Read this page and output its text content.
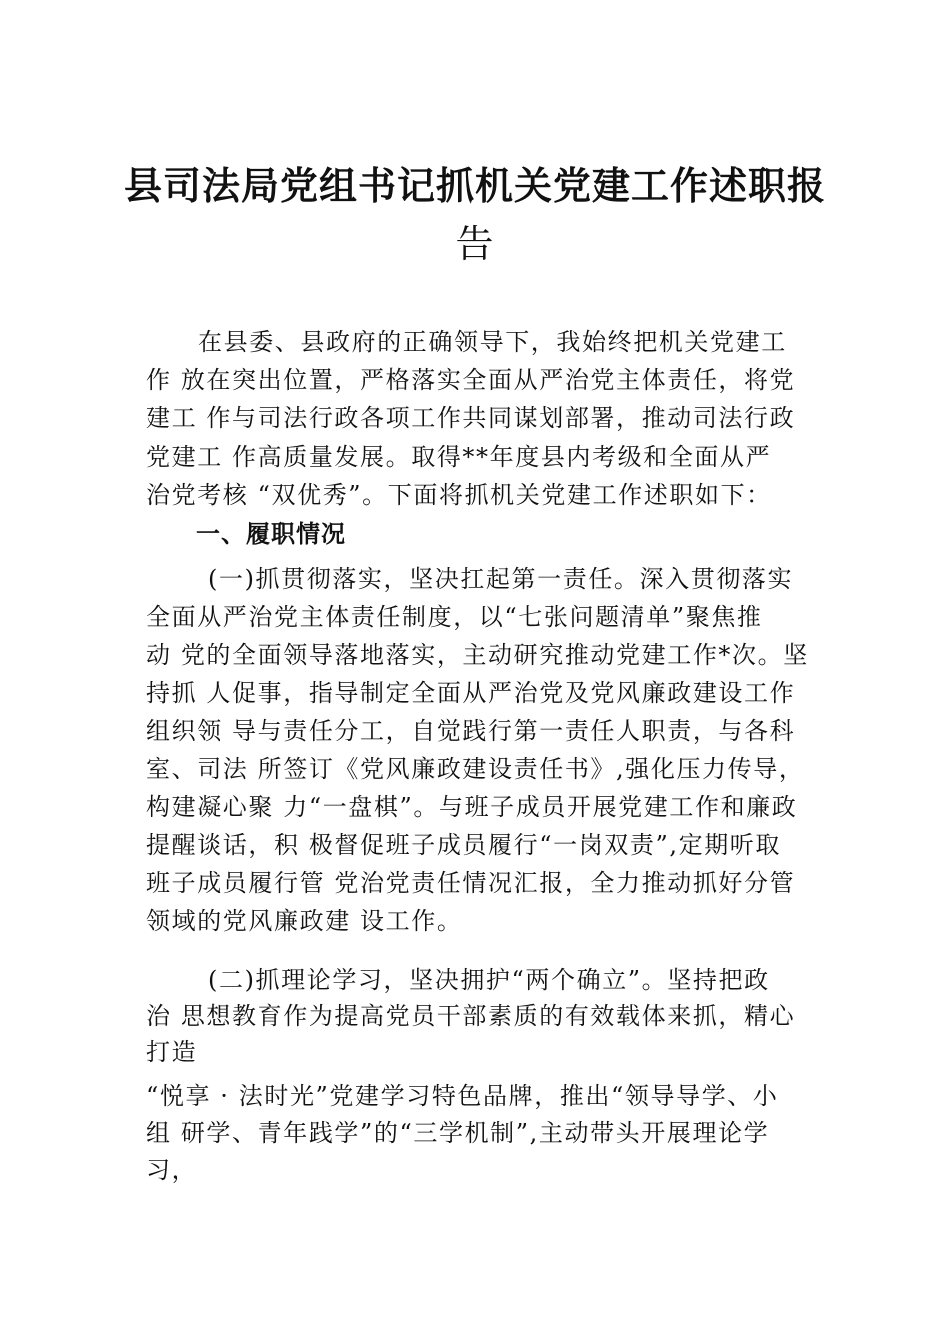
县司法局党组书记抓机关党建工作述职报
告

在县委、县政府的正确领导下，我始终把机关党建工

作 放在突出位置，严格落实全面从严治党主体责任，将党

建工 作与司法行政各项工作共同谋划部署，推动司法行政

党建工 作高质量发展。取得**年度县内考级和全面从严

治党考核 “双优秀”。下面将抓机关党建工作述职如下：

一、履职情况

(一)抓贯彻落实，坚决扛起第一责任。深入贯彻落实

全面从严治党主体责任制度，以“七张问题清单”聚焦推

动 党的全面领导落地落实，主动研究推动党建工作*次。坚

持抓 人促事，指导制定全面从严治党及党风廉政建设工作

组织领 导与责任分工，自觉践行第一责任人职责，与各科

室、司法 所签订《党风廉政建设责任书》,强化压力传导，

构建凝心聚 力“一盘棋”。与班子成员开展党建工作和廉政

提醒谈话，积 极督促班子成员履行“一岗双责”,定期听取

班子成员履行管 党治党责任情况汇报，全力推动抓好分管

领域的党风廉政建 设工作。

(二)抓理论学习，坚决拥护“两个确立”。坚持把政

治 思想教育作为提高党员干部素质的有效载体来抓，精心

打造

“悦享 · 法时光”党建学习特色品牌，推出“领导导学、小

组 研学、青年践学”的“三学机制”,主动带头开展理论学

习，
